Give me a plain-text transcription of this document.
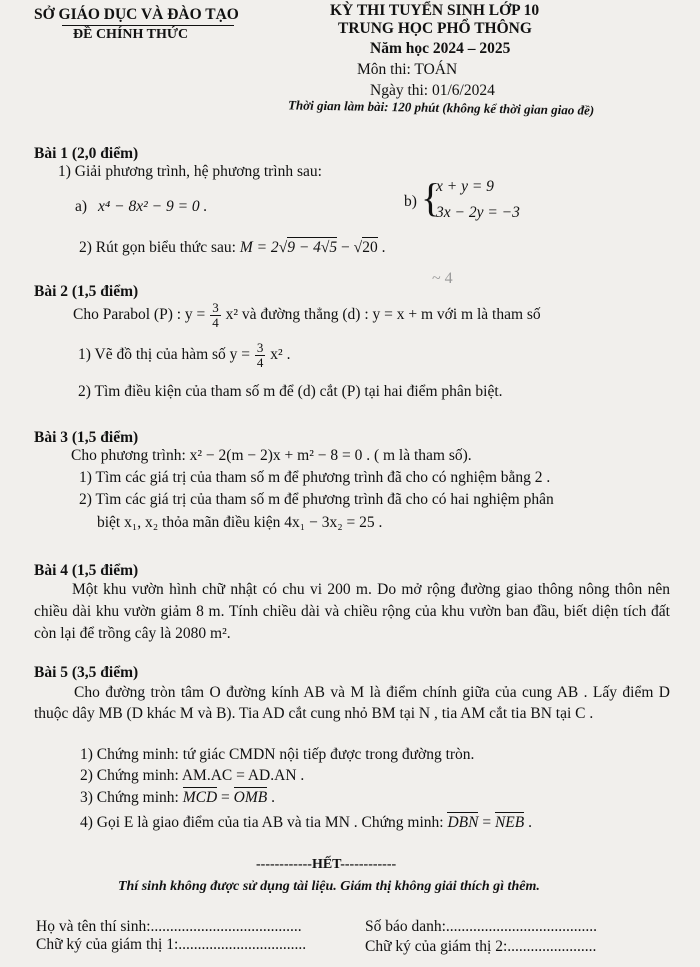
SỞ GIÁO DỤC VÀ ĐÀO TẠO
ĐỀ CHÍNH THỨC
KỲ THI TUYỂN SINH LỚP 10
TRUNG HỌC PHỔ THÔNG
Năm học 2024 – 2025
Môn thi: TOÁN
Ngày thi: 01/6/2024
Thời gian làm bài: 120 phút (không kể thời gian giao đề)
Bài 1 (2,0 điểm)
1) Giải phương trình, hệ phương trình sau:
a) x⁴ − 8x² − 9 = 0 .	b) {
x + y = 9
3x − 2y = −3
2) Rút gọn biểu thức sau: M = 2√9 − 4√5 − √20 .
~ 4
Bài 2 (1,5 điểm)
Cho Parabol (P) : $y = \frac{3}{4} x^2$ và đường thẳng (d) : y = x + m với m là tham số
1) Vẽ đồ thị của hàm số $y = \frac{3}{4} x^2$ .
2) Tìm điều kiện của tham số m để (d) cắt (P) tại hai điểm phân biệt.
Bài 3 (1,5 điểm)
Cho phương trình: x² − 2(m − 2)x + m² − 8 = 0 . ( m là tham số).
1) Tìm các giá trị của tham số m để phương trình đã cho có nghiệm bằng 2 .
2) Tìm các giá trị của tham số m để phương trình đã cho có hai nghiệm phân
biệt x₁, x₂ thỏa mãn điều kiện 4x₁ − 3x₂ = 25 .
Bài 4 (1,5 điểm)
Một khu vườn hình chữ nhật có chu vi 200 m. Do mở rộng đường giao thông nông thôn nên chiều dài khu vườn giảm 8 m. Tính chiều dài và chiều rộng của khu vườn ban đầu, biết diện tích đất còn lại để trồng cây là 2080 m².
Bài 5 (3,5 điểm)
Cho đường tròn tâm O đường kính AB và M là điểm chính giữa của cung AB . Lấy điểm D thuộc dây MB (D khác M và B). Tia AD cắt cung nhỏ BM tại N , tia AM cắt tia BN tại C .
1) Chứng minh: tứ giác CMDN nội tiếp được trong đường tròn.
2) Chứng minh: AM.AC = AD.AN .
3) Chứng minh: MCD = OMB .
4) Gọi E là giao điểm của tia AB và tia MN . Chứng minh: DBN = NEB .
------------HẾT------------
Thí sinh không được sử dụng tài liệu. Giám thị không giải thích gì thêm.
Họ và tên thí sinh:.......................................	Số báo danh:.......................................
Chữ ký của giám thị 1:.................................	Chữ ký của giám thị 2:.......................
